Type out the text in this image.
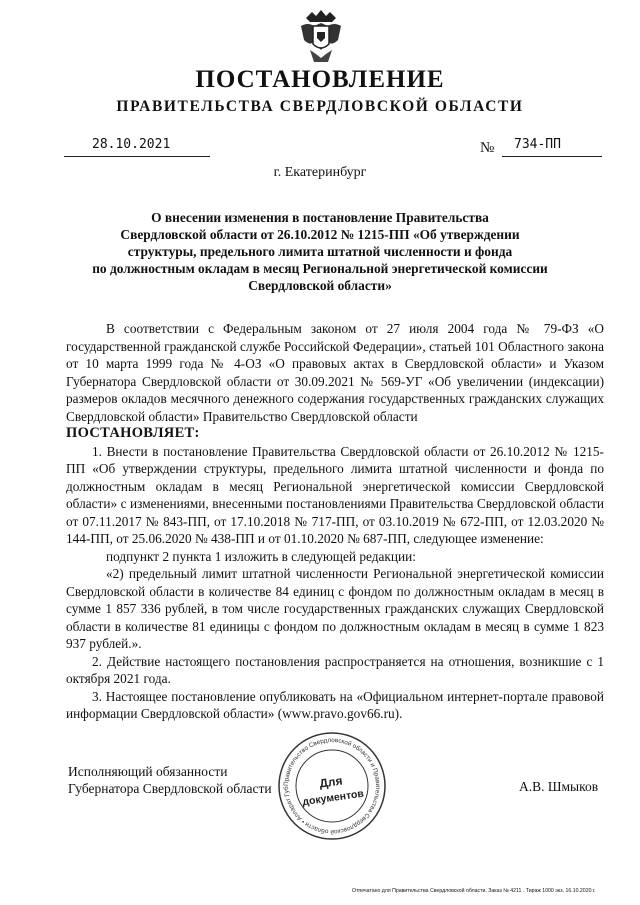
ПОСТАНОВЛЕНИЕ
ПРАВИТЕЛЬСТВА СВЕРДЛОВСКОЙ ОБЛАСТИ
28.10.2021	№	734-ПП
г. Екатеринбург
О внесении изменения в постановление Правительства
Свердловской области от 26.10.2012 № 1215-ПП «Об утверждении
структуры, предельного лимита штатной численности и фонда
по должностным окладам в месяц Региональной энергетической комиссии
Свердловской области»

В соответствии с Федеральным законом от 27 июля 2004 года № 79-ФЗ «О государственной гражданской службе Российской Федерации», статьей 101 Областного закона от 10 марта 1999 года № 4-ОЗ «О правовых актах в Свердловской области» и Указом Губернатора Свердловской области от 30.09.2021 № 569-УГ «Об увеличении (индексации) размеров окладов месячного денежного содержания государственных гражданских служащих Свердловской области» Правительство Свердловской области

ПОСТАНОВЛЯЕТ:

1. Внести в постановление Правительства Свердловской области от 26.10.2012 № 1215-ПП «Об утверждении структуры, предельного лимита штатной численности и фонда по должностным окладам в месяц Региональной энергетической комиссии Свердловской области» с изменениями, внесенными постановлениями Правительства Свердловской области от 07.11.2017 № 843-ПП, от 17.10.2018 № 717-ПП, от 03.10.2019 № 672-ПП, от 12.03.2020 № 144-ПП, от 25.06.2020 № 438-ПП и от 01.10.2020 № 687-ПП, следующее изменение:

подпункт 2 пункта 1 изложить в следующей редакции:

«2) предельный лимит штатной численности Региональной энергетической комиссии Свердловской области в количестве 84 единиц с фондом по должностным окладам в месяц в сумме 1 857 336 рублей, в том числе государственных гражданских служащих Свердловской области в количестве 81 единицы с фондом по должностным окладам в месяц в сумме 1 823 937 рублей.».

2. Действие настоящего постановления распространяется на отношения, возникшие с 1 октября 2021 года.

3. Настоящее постановление опубликовать на «Официальном интернет-портале правовой информации Свердловской области» (www.pravo.gov66.ru).

Исполняющий обязанности
Губернатора Свердловской области	А.В. Шмыков
Правительство Свердловской области и Правительства Свердловской области • Аппарат Губ	Для
документов
Отпечатано для Правительства Свердловской области. Заказ № 4211 . Тираж 1000 экз. 16.10.2020 г.
